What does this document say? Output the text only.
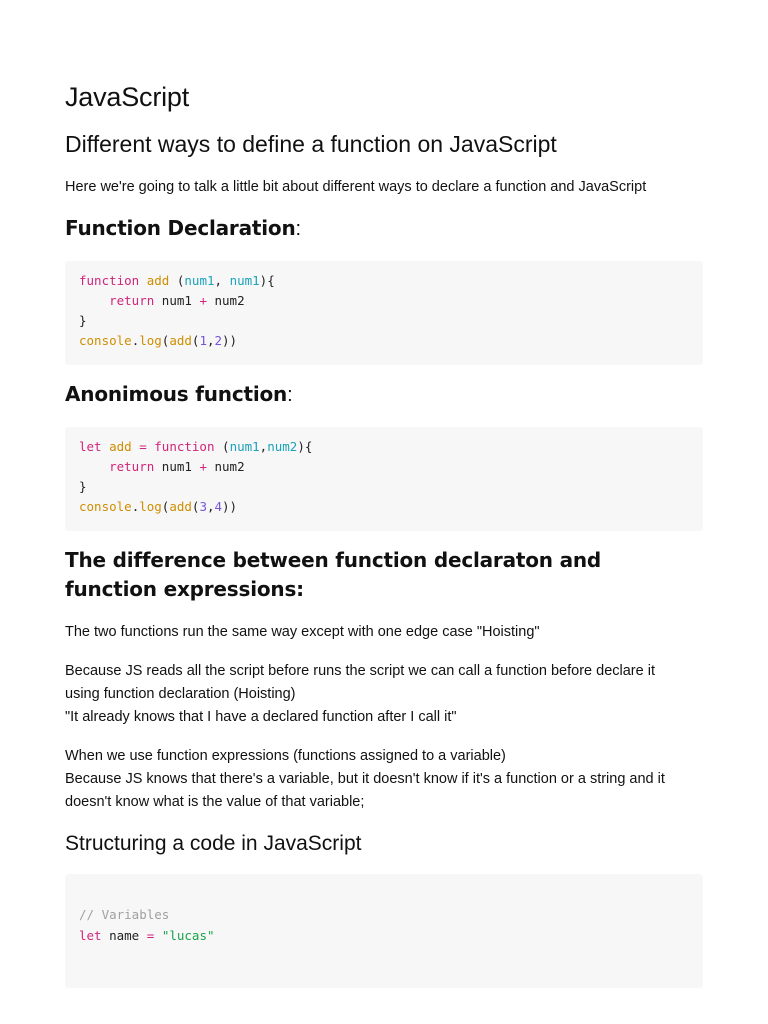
JavaScript
Different ways to define a function on JavaScript
Here we're going to talk a little bit about different ways to declare a function and JavaScript
Function Declaration:
function add (num1, num1){
return num1 + num2
}
console.log(add(1,2))
Anonimous function:
let add = function (num1,num2){
return num1 + num2
}
console.log(add(3,4))
The difference between function declaraton and
function expressions:
The two functions run the same way except with one edge case "Hoisting"
Because JS reads all the script before runs the script we can call a function before declare it
using function declaration (Hoisting)
"It already knows that I have a declared function after I call it"
When we use function expressions (functions assigned to a variable)
Because JS knows that there's a variable, but it doesn't know if it's a function or a string and it
doesn't know what is the value of that variable;
Structuring a code in JavaScript
// Variables
let name = "lucas"
